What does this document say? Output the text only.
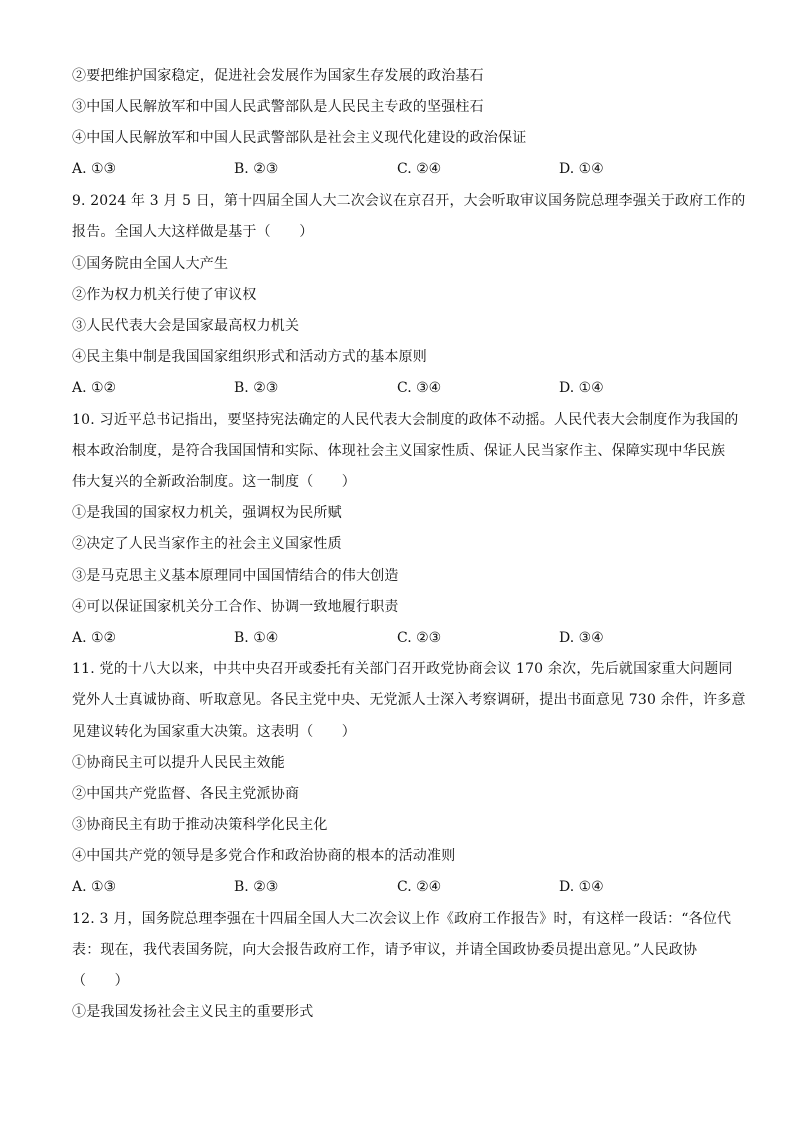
②要把维护国家稳定，促进社会发展作为国家生存发展的政治基石
③中国人民解放军和中国人民武警部队是人民民主专政的坚强柱石
④中国人民解放军和中国人民武警部队是社会主义现代化建设的政治保证
A. ①③	B. ②③	C. ②④	D. ①④
9. 2024 年 3 月 5 日，第十四届全国人大二次会议在京召开，大会听取审议国务院总理李强关于政府工作的
报告。全国人大这样做是基于（　　）
①国务院由全国人大产生
②作为权力机关行使了审议权
③人民代表大会是国家最高权力机关
④民主集中制是我国国家组织形式和活动方式的基本原则
A. ①②	B. ②③	C. ③④	D. ①④
10. 习近平总书记指出，要坚持宪法确定的人民代表大会制度的政体不动摇。人民代表大会制度作为我国的
根本政治制度，是符合我国国情和实际、体现社会主义国家性质、保证人民当家作主、保障实现中华民族
伟大复兴的全新政治制度。这一制度（　　）
①是我国的国家权力机关，强调权为民所赋
②决定了人民当家作主的社会主义国家性质
③是马克思主义基本原理同中国国情结合的伟大创造
④可以保证国家机关分工合作、协调一致地履行职责
A. ①②	B. ①④	C. ②③	D. ③④
11. 党的十八大以来，中共中央召开或委托有关部门召开政党协商会议 170 余次，先后就国家重大问题同
党外人士真诚协商、听取意见。各民主党中央、无党派人士深入考察调研，提出书面意见 730 余件，许多意
见建议转化为国家重大决策。这表明（　　）
①协商民主可以提升人民民主效能
②中国共产党监督、各民主党派协商
③协商民主有助于推动决策科学化民主化
④中国共产党的领导是多党合作和政治协商的根本的活动准则
A. ①③	B. ②③	C. ②④	D. ①④
12. 3 月，国务院总理李强在十四届全国人大二次会议上作《政府工作报告》时，有这样一段话：“各位代
表：现在，我代表国务院，向大会报告政府工作，请予审议，并请全国政协委员提出意见。”人民政协
（　　）
①是我国发扬社会主义民主的重要形式
